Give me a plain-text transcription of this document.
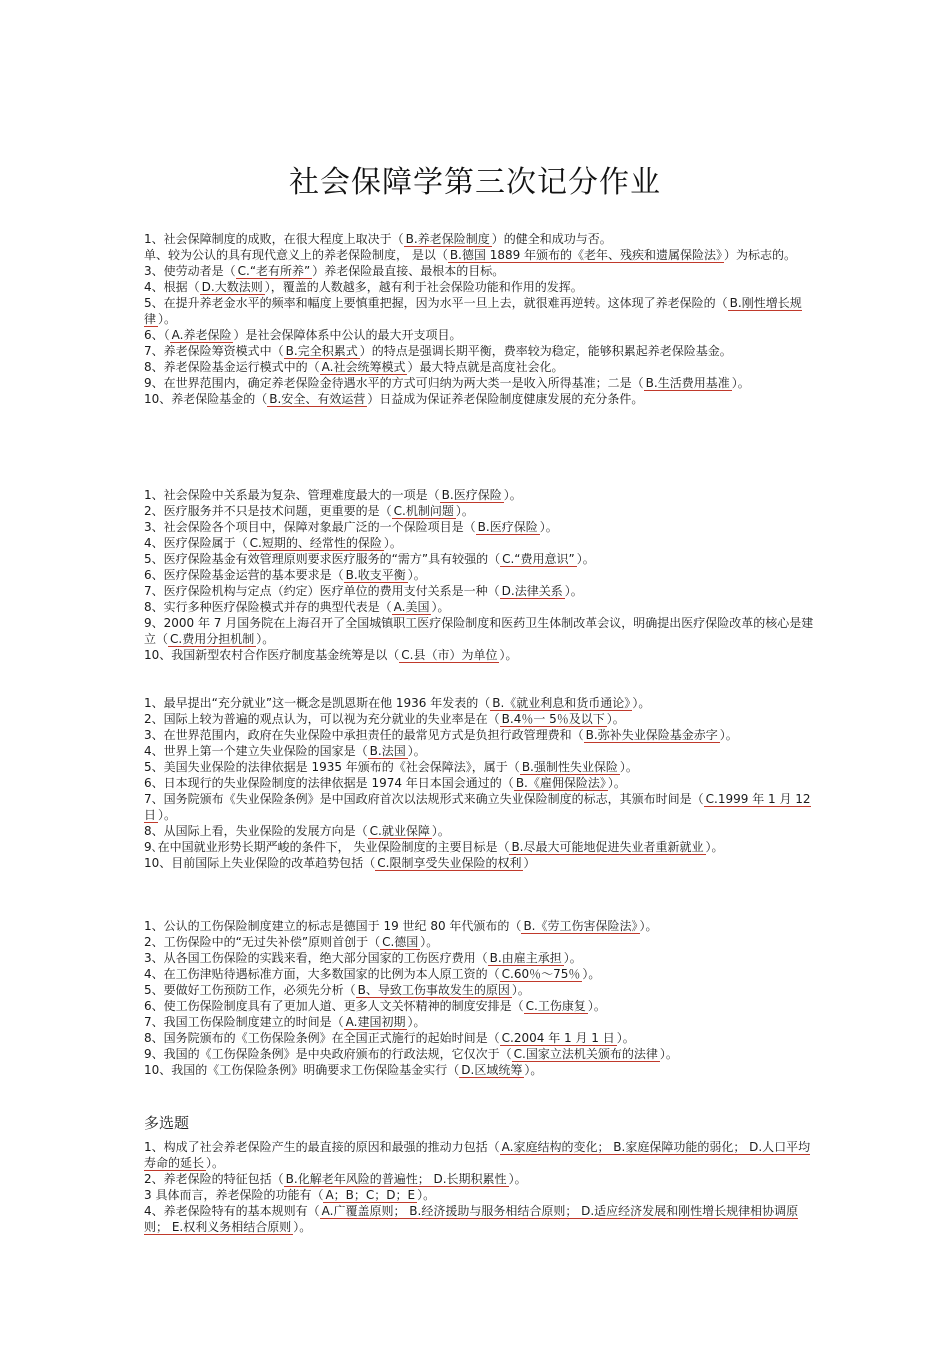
社会保障学第三次记分作业
1、社会保障制度的成败，在很大程度上取决于（ B.养老保险制度 ）的健全和成功与否。
单、较为公认的具有现代意义上的养老保险制度， 是以（ B.德国 1889 年颁布的《老年、残疾和遗属保险法》 ）为标志的。
3、使劳动者是（ C.“老有所养” ）养老保险最直接、最根本的目标。
4、根据（ D.大数法则 ），覆盖的人数越多，越有利于社会保险功能和作用的发挥。
5、在提升养老金水平的频率和幅度上要慎重把握，因为水平一旦上去，就很难再逆转。这体现了养老保险的（ B.刚性增长规律 ）。
6、（ A.养老保险 ）是社会保障体系中公认的最大开支项目。
7、养老保险筹资模式中（ B.完全积累式 ）的特点是强调长期平衡，费率较为稳定，能够积累起养老保险基金。
8、养老保险基金运行模式中的（ A.社会统筹模式 ）最大特点就是高度社会化。
9、在世界范围内，确定养老保险金待遇水平的方式可归纳为两大类一是收入所得基准；二是（ B.生活费用基准 ）。
10、养老保险基金的（ B.安全、有效运营 ）日益成为保证养老保险制度健康发展的充分条件。
1、社会保险中关系最为复杂、管理难度最大的一项是（ B.医疗保险 ）。
2、医疗服务并不只是技术问题，更重要的是（ C.机制问题 ）。
3、社会保险各个项目中，保障对象最广泛的一个保险项目是（ B.医疗保险 ）。
4、医疗保险属于（ C.短期的、经常性的保险 ）。
5、医疗保险基金有效管理原则要求医疗服务的“需方”具有较强的（ C.“费用意识” ）。
6、医疗保险基金运营的基本要求是（ B.收支平衡 ）。
7、医疗保险机构与定点（约定）医疗单位的费用支付关系是一种（ D.法律关系 ）。
8、实行多种医疗保险模式并存的典型代表是（ A.美国 ）。
9、2000 年 7 月国务院在上海召开了全国城镇职工医疗保险制度和医药卫生体制改革会议，明确提出医疗保险改革的核心是建立（ C.费用分担机制 ）。
10、我国新型农村合作医疗制度基金统筹是以（ C.县（市）为单位 ）。
1、最早提出“充分就业”这一概念是凯恩斯在他 1936 年发表的（ B.《就业利息和货币通论》 ）。
2、国际上较为普遍的观点认为，可以视为充分就业的失业率是在（ B.4％一 5％及以下 ）。
3、在世界范围内，政府在失业保险中承担责任的最常见方式是负担行政管理费和（ B.弥补失业保险基金赤字 ）。
4、世界上第一个建立失业保险的国家是（ B.法国 ）。
5、美国失业保险的法律依据是 1935 年颁布的《社会保障法》，属于（ B.强制性失业保险 ）。
6、日本现行的失业保险制度的法律依据是 1974 年日本国会通过的（ B.《雇佣保险法》 ）。
7、国务院颁布《失业保险条例》是中国政府首次以法规形式来确立失业保险制度的标志，其颁布时间是（ C.1999 年 1 月 12 日 ）。
8、从国际上看，失业保险的发展方向是（ C.就业保障 ）。
9､在中国就业形势长期严峻的条件下， 失业保险制度的主要目标是（ B.尽最大可能地促进失业者重新就业 ）。
10、目前国际上失业保险的改革趋势包括（ C.限制享受失业保险的权利 ）
1、公认的工伤保险制度建立的标志是德国于 19 世纪 80 年代颁布的（ B.《劳工伤害保险法》 ）。
2、工伤保险中的“无过失补偿”原则首创于（ C.德国 ）。
3、从各国工伤保险的实践来看，绝大部分国家的工伤医疗费用（ B.由雇主承担 ）。
4、在工伤津贴待遇标准方面，大多数国家的比例为本人原工资的（ C.60％～75％ ）。
5、要做好工伤预防工作，必须先分析（ B、导致工伤事故发生的原因 ）。
6、使工伤保险制度具有了更加人道、更多人文关怀精神的制度安排是（ C.工伤康复 ）。
7、我国工伤保险制度建立的时间是（ A.建国初期 ）。
8、国务院颁布的《工伤保险条例》在全国正式施行的起始时间是（ C.2004 年 1 月 1 日 ）。
9、我国的《工伤保险条例》是中央政府颁布的行政法规，它仅次于（ C.国家立法机关颁布的法律 ）。
10、我国的《工伤保险条例》明确要求工伤保险基金实行（ D.区域统筹 ）。
多选题
1、构成了社会养老保险产生的最直接的原因和最强的推动力包括（ A.家庭结构的变化； B.家庭保障功能的弱化； D.人口平均寿命的延长 ）。
2、养老保险的特征包括（ B.化解老年风险的普遍性； D.长期积累性 ）。
3 具体而言，养老保险的功能有（ A；B；C；D；E ）。
4、养老保险特有的基本规则有（ A.广覆盖原则； B.经济援助与服务相结合原则； D.适应经济发展和刚性增长规律相协调原则； E.权利义务相结合原则 ）。
